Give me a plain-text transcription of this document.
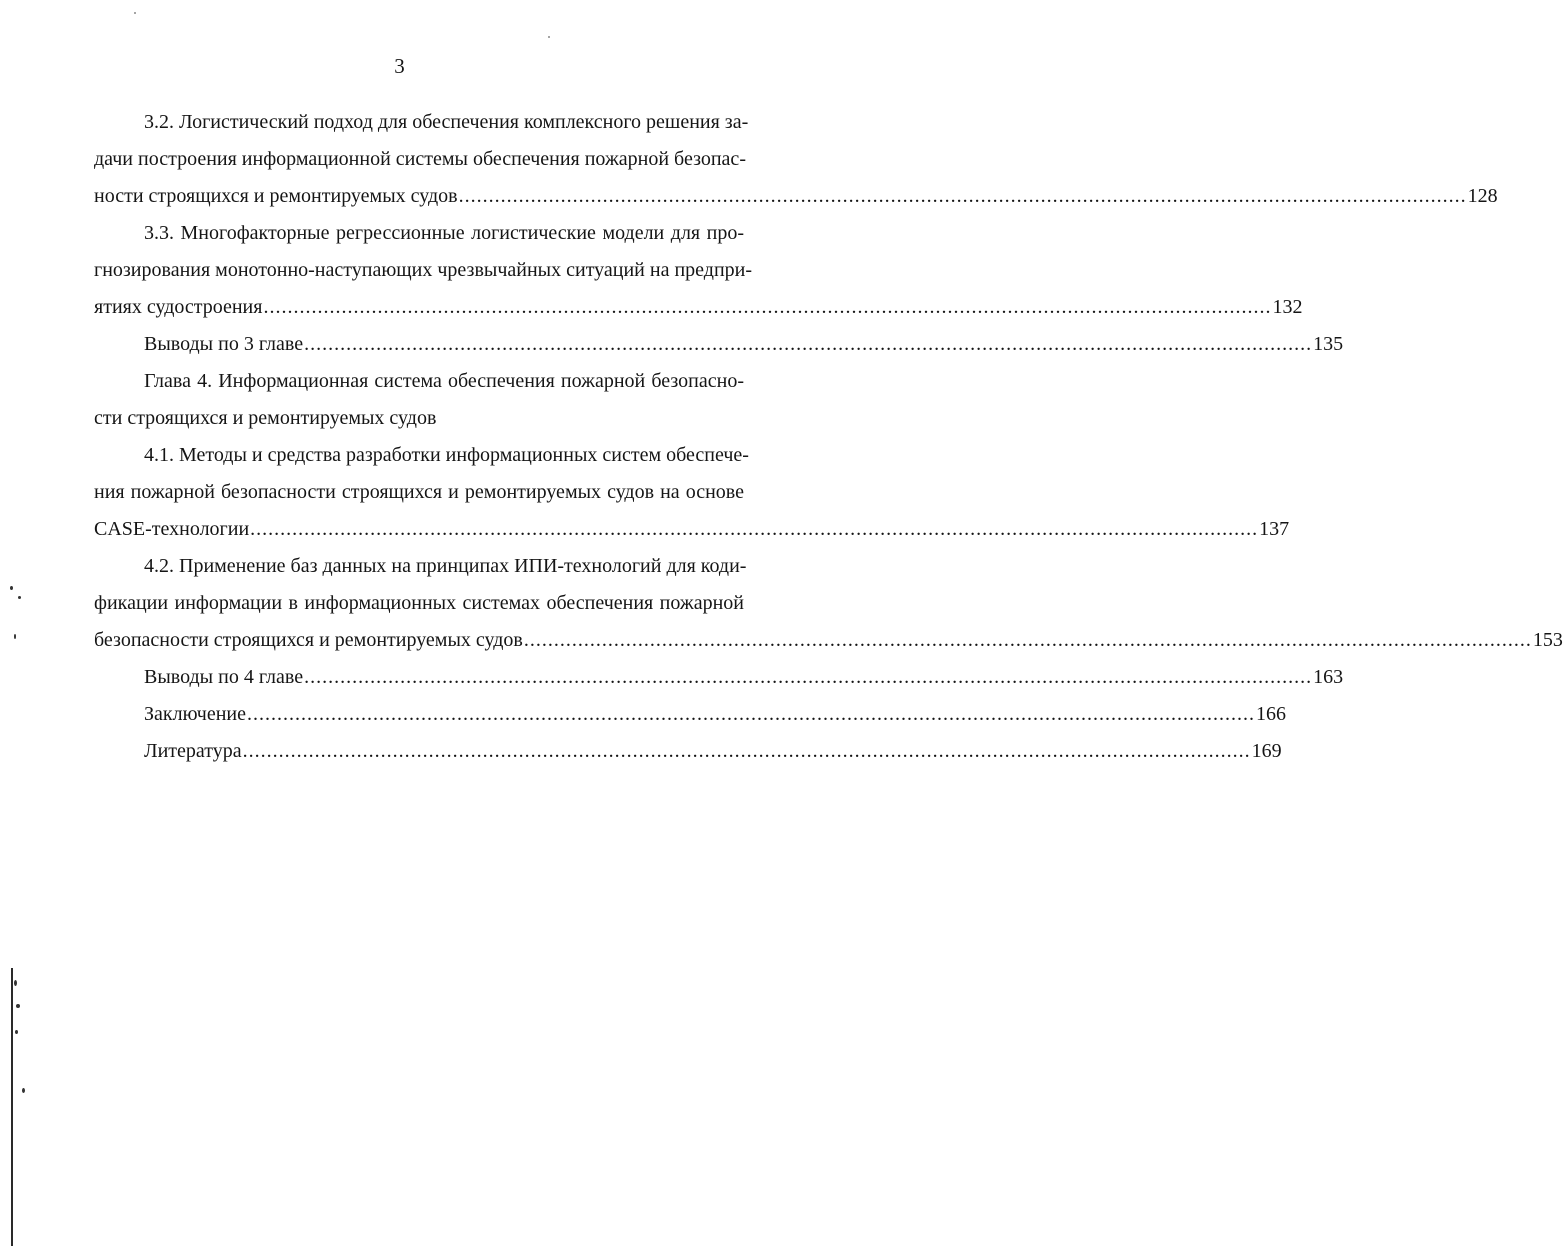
3
3.2. Логистический подход для обеспечения комплексного решения за-
дачи построения информационной системы обеспечения пожарной безопас-
ности строящихся и ремонтируемых судов ........................................................................................................................................................................ 128
3.3. Многофакторные регрессионные логистические модели для про-
гнозирования монотонно-наступающих чрезвычайных ситуаций на предпри-
ятиях судостроения ........................................................................................................................................................................ 132
Выводы по 3 главе ........................................................................................................................................................................ 135
Глава 4. Информационная система обеспечения пожарной безопасно-
сти строящихся и ремонтируемых судов
4.1. Методы и средства разработки информационных систем обеспече-
ния пожарной безопасности строящихся и ремонтируемых судов на основе
CASE-технологии ........................................................................................................................................................................ 137
4.2. Применение баз данных на принципах ИПИ-технологий для коди-
фикации информации в информационных системах обеспечения пожарной
безопасности строящихся и ремонтируемых судов ........................................................................................................................................................................ 153
Выводы по 4 главе ........................................................................................................................................................................ 163
Заключение ........................................................................................................................................................................ 166
Литература ........................................................................................................................................................................ 169
